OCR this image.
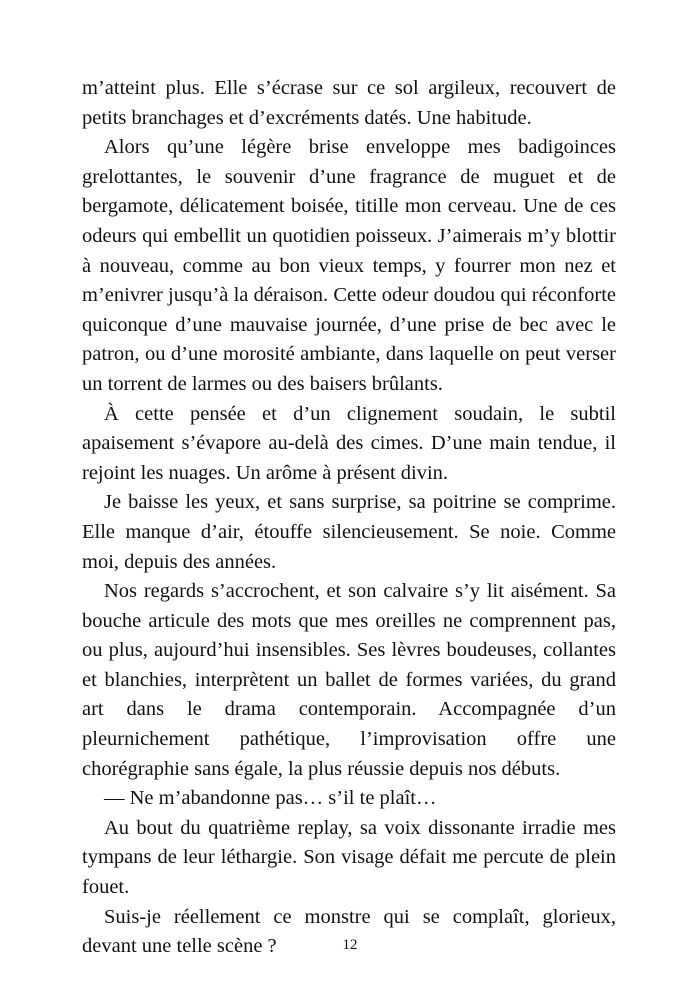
m’atteint plus. Elle s’écrase sur ce sol argileux, recouvert de petits branchages et d’excréments datés. Une habitude.

Alors qu’une légère brise enveloppe mes badigoinces grelottantes, le souvenir d’une fragrance de muguet et de bergamote, délicatement boisée, titille mon cerveau. Une de ces odeurs qui embellit un quotidien poisseux. J’aimerais m’y blottir à nouveau, comme au bon vieux temps, y fourrer mon nez et m’enivrer jusqu’à la déraison. Cette odeur doudou qui réconforte quiconque d’une mauvaise journée, d’une prise de bec avec le patron, ou d’une morosité ambiante, dans laquelle on peut verser un torrent de larmes ou des baisers brûlants.

À cette pensée et d’un clignement soudain, le subtil apaisement s’évapore au-delà des cimes. D’une main tendue, il rejoint les nuages. Un arôme à présent divin.

Je baisse les yeux, et sans surprise, sa poitrine se comprime. Elle manque d’air, étouffe silencieusement. Se noie. Comme moi, depuis des années.

Nos regards s’accrochent, et son calvaire s’y lit aisément. Sa bouche articule des mots que mes oreilles ne comprennent pas, ou plus, aujourd’hui insensibles. Ses lèvres boudeuses, collantes et blanchies, interprètent un ballet de formes variées, du grand art dans le drama contemporain. Accompagnée d’un pleurnichement pathétique, l’improvisation offre une chorégraphie sans égale, la plus réussie depuis nos débuts.

— Ne m’abandonne pas… s’il te plaît…

Au bout du quatrième replay, sa voix dissonante irradie mes tympans de leur léthargie. Son visage défait me percute de plein fouet.

Suis-je réellement ce monstre qui se complaît, glorieux, devant une telle scène ?	12
